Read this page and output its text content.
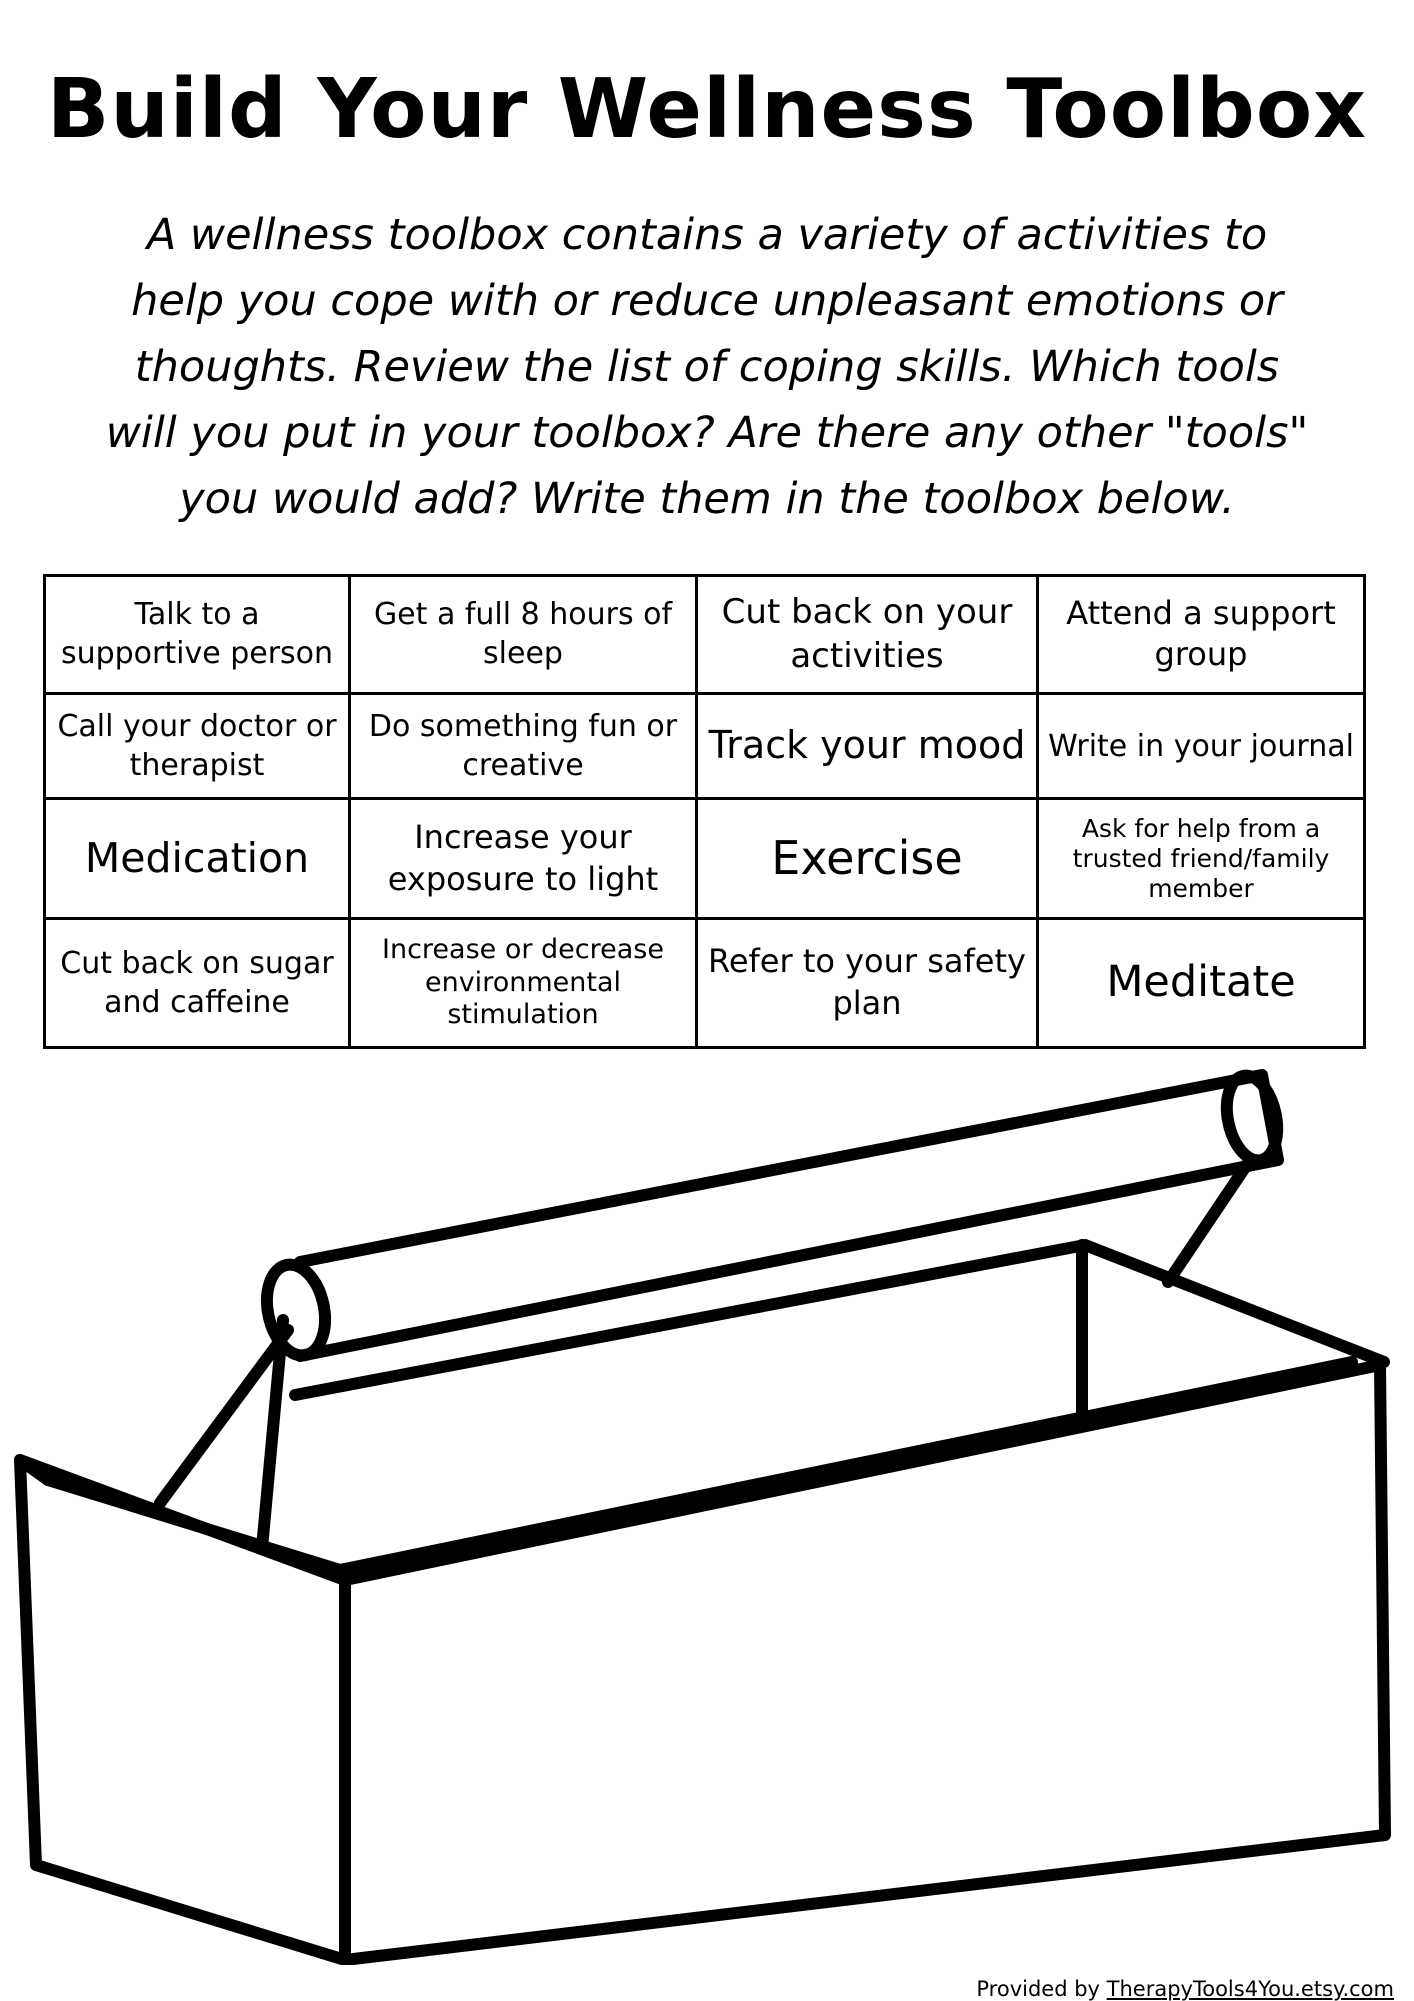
Build Your Wellness Toolbox

A wellness toolbox contains a variety of activities to
help you cope with or reduce unpleasant emotions or
thoughts. Review the list of coping skills. Which tools
will you put in your toolbox? Are there any other "tools"
you would add? Write them in the toolbox below.

Talk to a supportive person	Get a full 8 hours of sleep	Cut back on your activities	Attend a support group
Call your doctor or therapist	Do something fun or creative	Track your mood	Write in your journal
Medication	Increase your exposure to light	Exercise	Ask for help from a trusted friend/family member
Cut back on sugar and caffeine	Increase or decrease environmental stimulation	Refer to your safety plan	Meditate
Provided by TherapyTools4You.etsy.com
